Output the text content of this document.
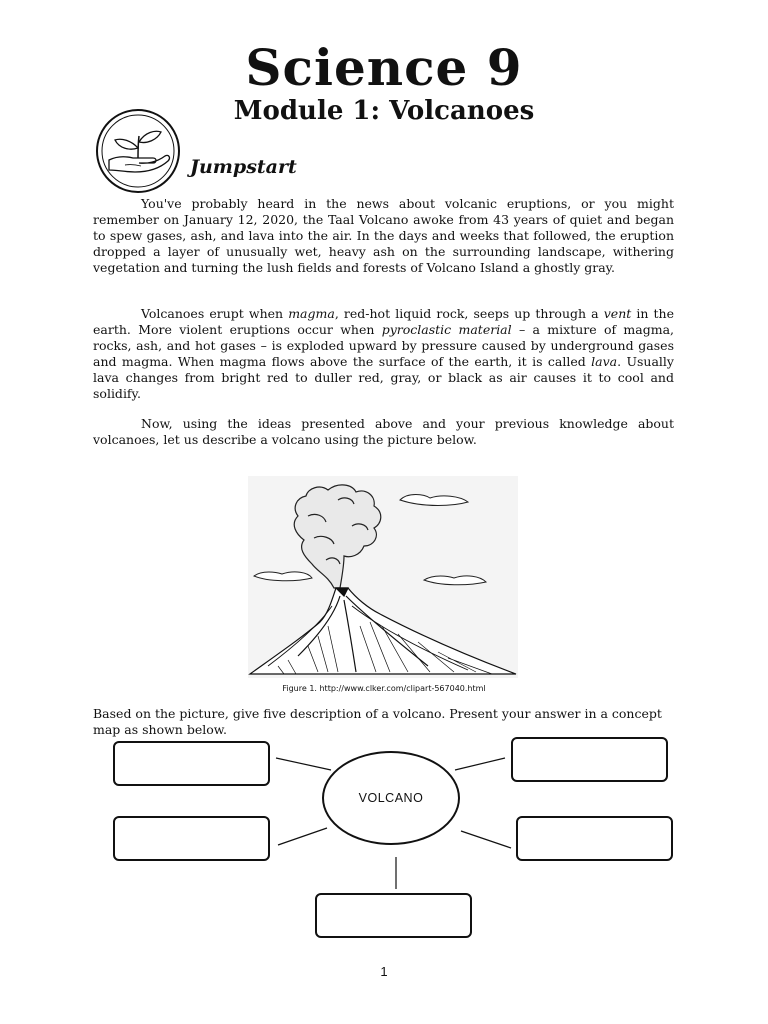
Science 9
Module 1: Volcanoes
Jumpstart

You've probably heard in the news about volcanic eruptions, or you might remember on January 12, 2020, the Taal Volcano awoke from 43 years of quiet and began to spew gases, ash, and lava into the air. In the days and weeks that followed, the eruption dropped a layer of unusually wet, heavy ash on the surrounding landscape, withering vegetation and turning the lush fields and forests of Volcano Island a ghostly gray.

Volcanoes erupt when magma, red-hot liquid rock, seeps up through a vent in the earth. More violent eruptions occur when pyroclastic material – a mixture of magma, rocks, ash, and hot gases – is exploded upward by pressure caused by underground gases and magma. When magma flows above the surface of the earth, it is called lava. Usually lava changes from bright red to duller red, gray, or black as air causes it to cool and solidify.

Now, using the ideas presented above and your previous knowledge about volcanoes, let us describe a volcano using the picture below.

Figure 1. http://www.clker.com/clipart-567040.html

Based on the picture, give five description of a volcano. Present your answer in a concept map as shown below.

VOLCANO

1
